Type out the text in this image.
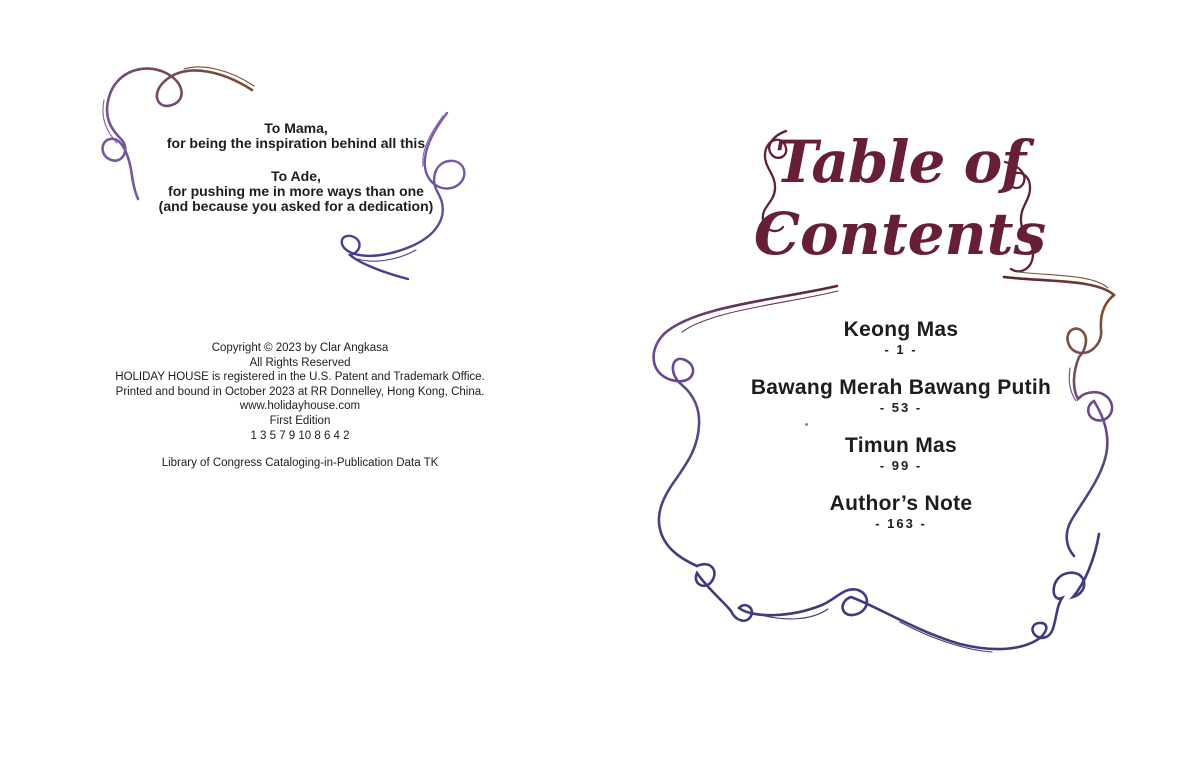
To Mama,
for being the inspiration behind all this
To Ade,
for pushing me in more ways than one
(and because you asked for a dedication)
Copyright © 2023 by Clar Angkasa
All Rights Reserved
HOLIDAY HOUSE is registered in the U.S. Patent and Trademark Office.
Printed and bound in October 2023 at RR Donnelley, Hong Kong, China.
www.holidayhouse.com
First Edition
1 3 5 7 9 10 8 6 4 2
Library of Congress Cataloging-in-Publication Data TK
Table of
Contents
Keong Mas
- 1 -
Bawang Merah Bawang Putih
- 53 -
Timun Mas
- 99 -
Author’s Note
- 163 -
